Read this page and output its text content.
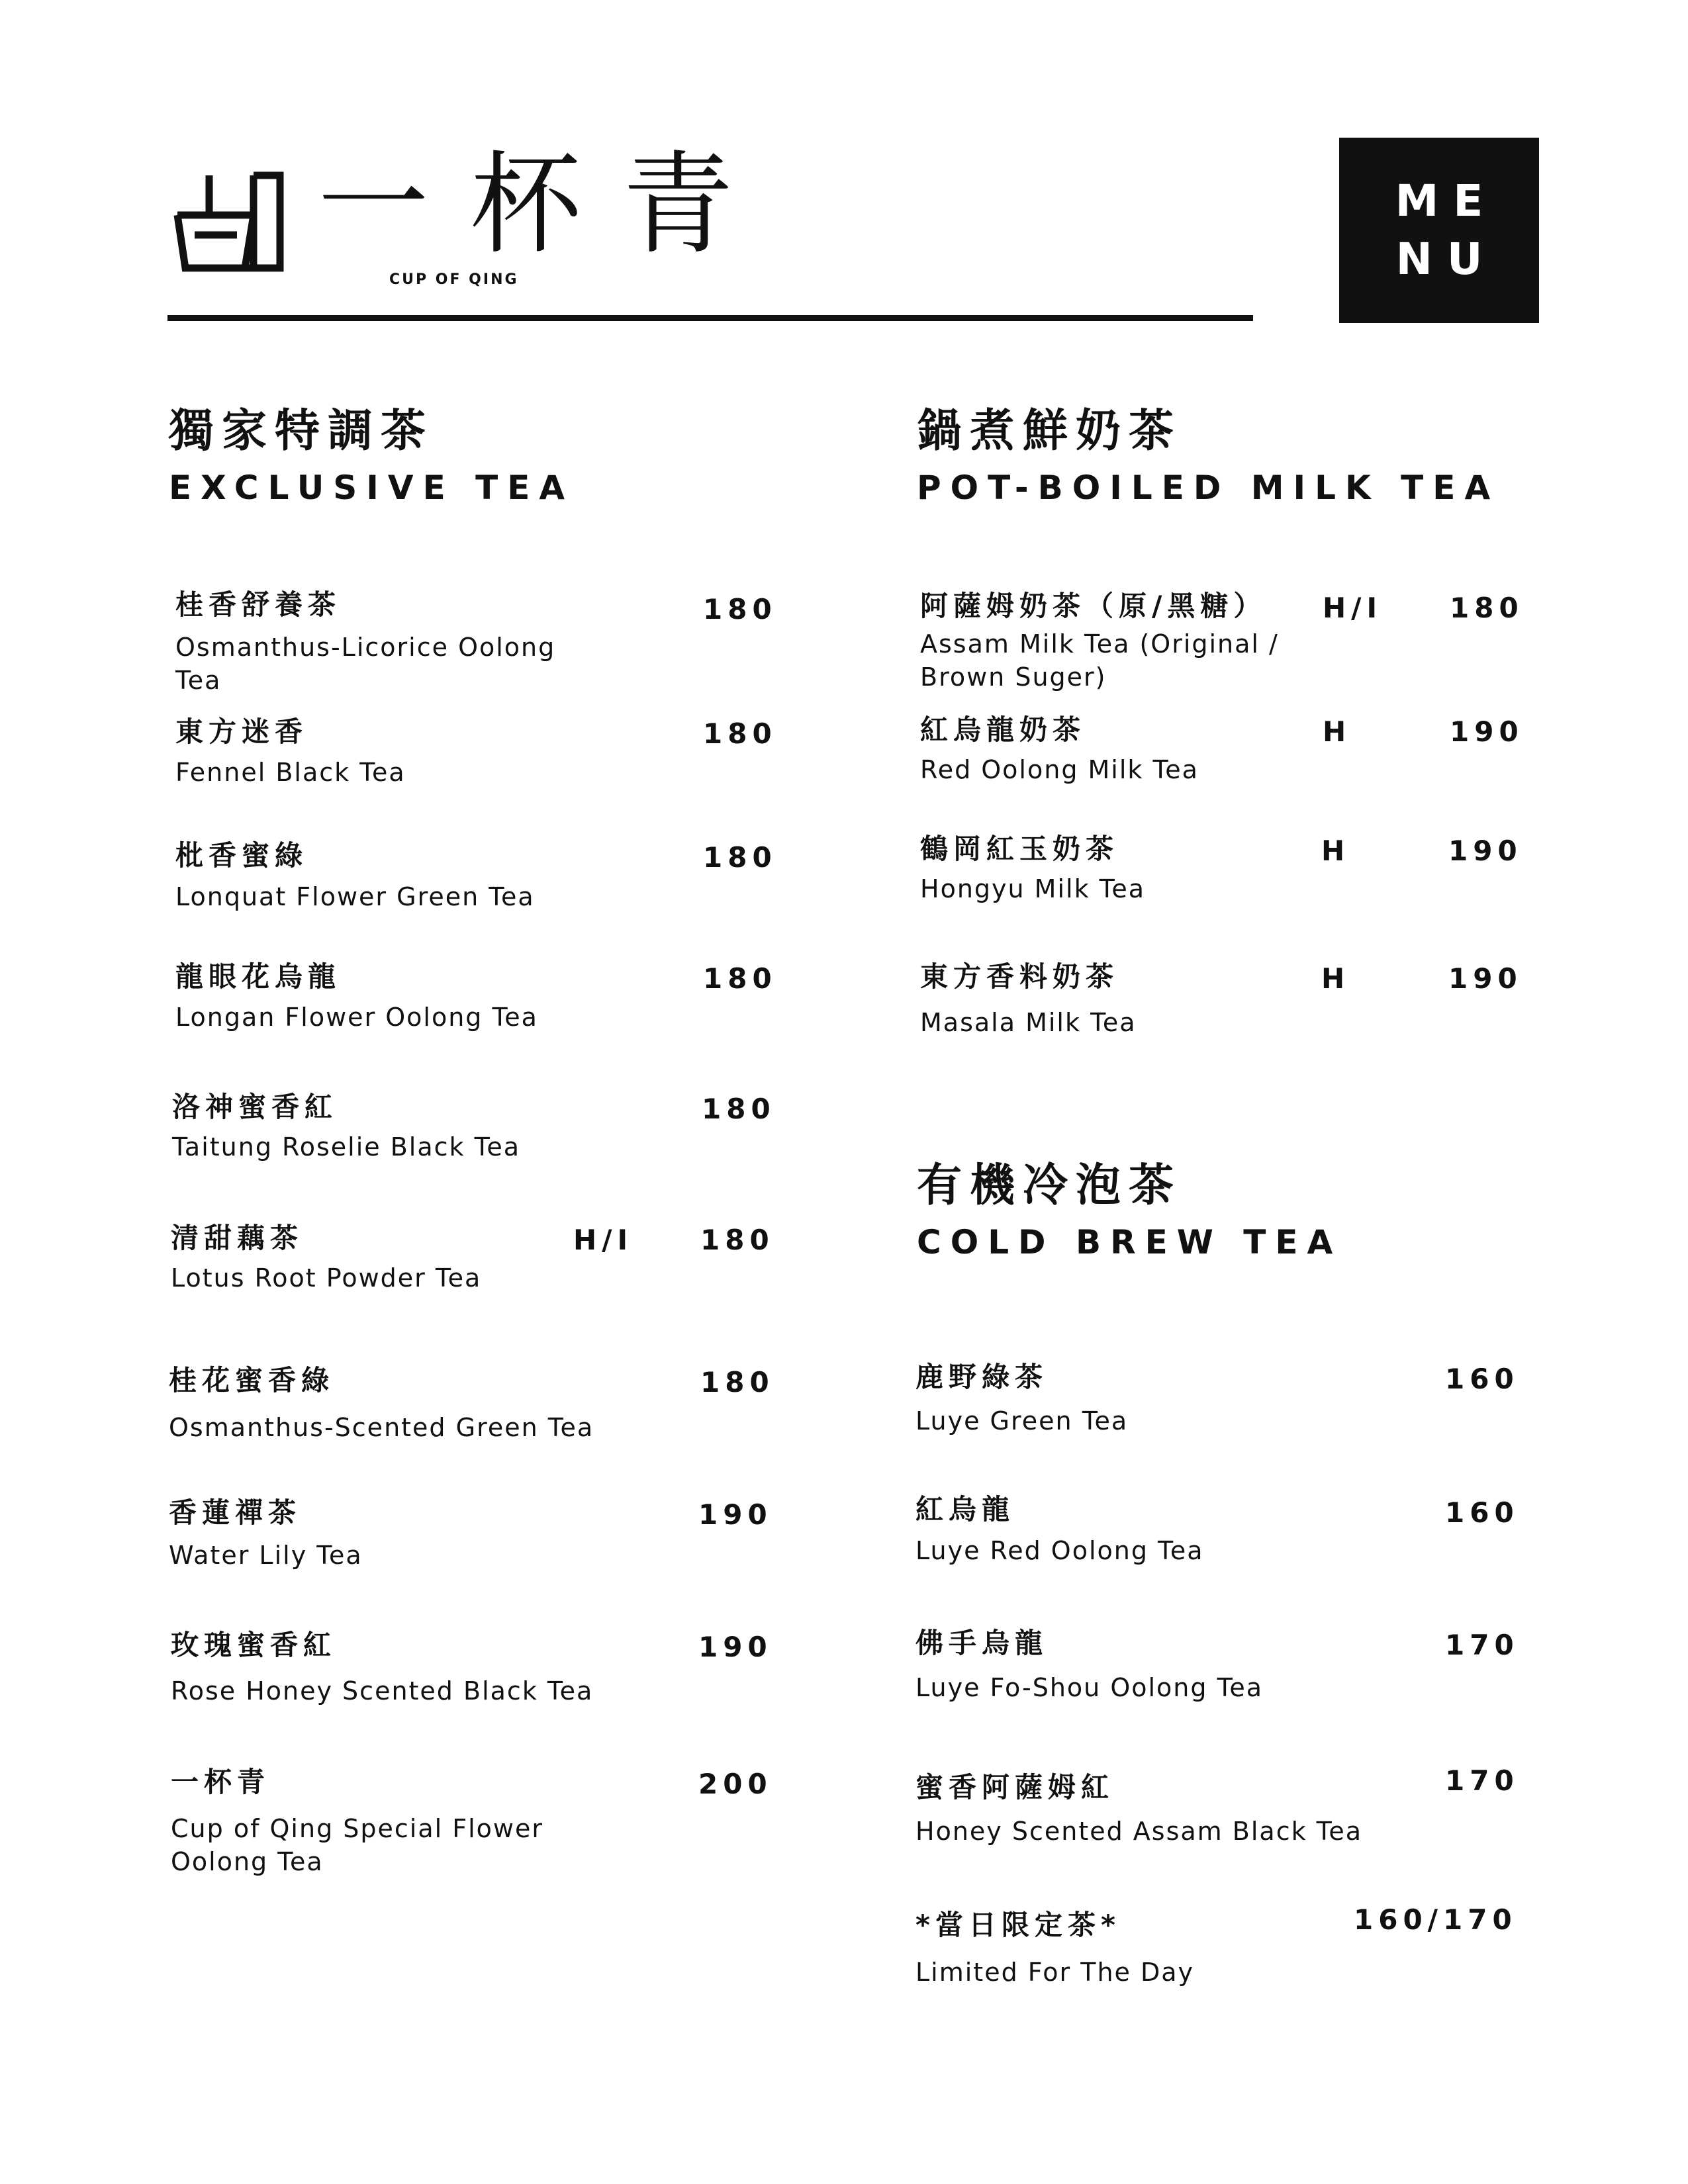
一杯青
CUP OF QING
ME
NU
獨家特調茶
EXCLUSIVE TEA
桂香舒養茶
Osmanthus-Licorice Oolong Tea
180
東方迷香
Fennel Black Tea
180
枇香蜜綠
Lonquat Flower Green Tea
180
龍眼花烏龍
Longan Flower Oolong Tea
180
洛神蜜香紅
Taitung Roselie Black Tea
180
清甜藕茶
Lotus Root Powder Tea
H/I 180
桂花蜜香綠
Osmanthus-Scented Green Tea
180
香蓮禪茶
Water Lily Tea
190
玫瑰蜜香紅
Rose Honey Scented Black Tea
190
一杯青
Cup of Qing Special Flower Oolong Tea
200
鍋煮鮮奶茶
POT-BOILED MILK TEA
阿薩姆奶茶（原/黑糖）
Assam Milk Tea (Original / Brown Suger)
H/I 180
紅烏龍奶茶
Red Oolong Milk Tea
H	190
鶴岡紅玉奶茶
Hongyu Milk Tea
H	190
東方香料奶茶
Masala Milk Tea
H	190
有機冷泡茶
COLD BREW TEA
鹿野綠茶
Luye Green Tea
160
紅烏龍
Luye Red Oolong Tea
160
佛手烏龍
Luye Fo-Shou Oolong Tea
170
蜜香阿薩姆紅
Honey Scented Assam Black Tea
170
*當日限定茶*
Limited For The Day
160/170
